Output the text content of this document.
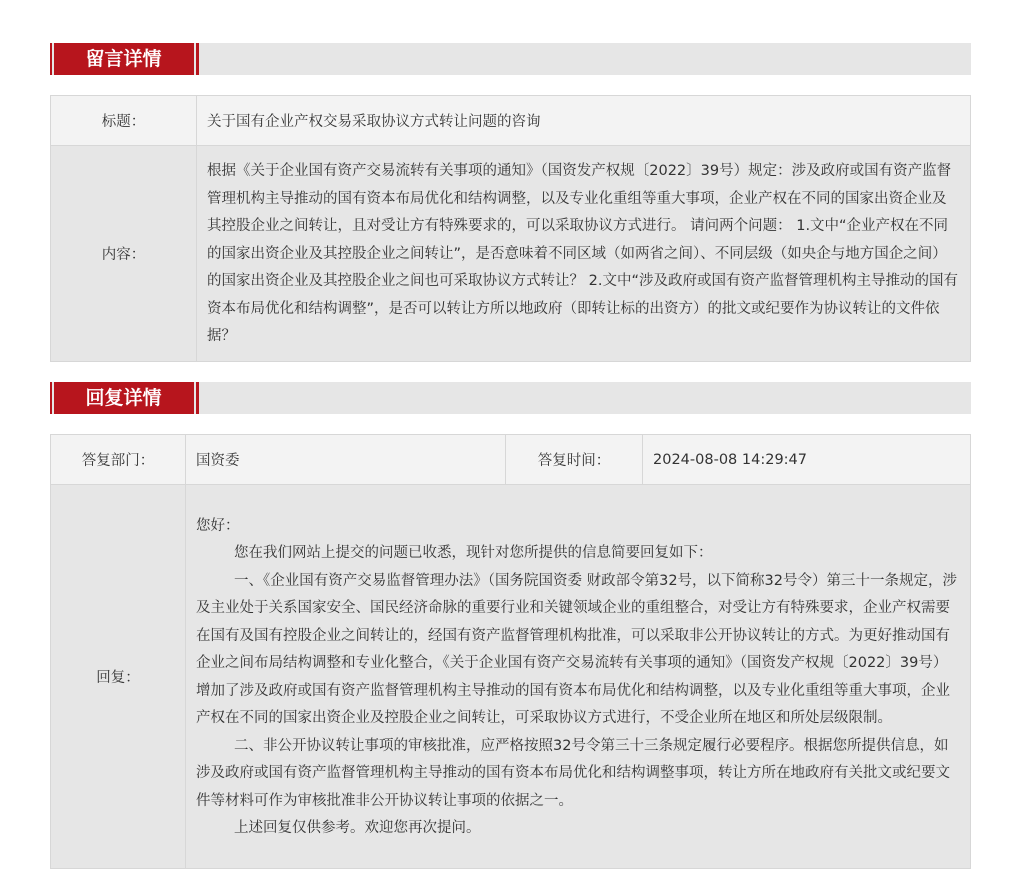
留言详情
标题：	关于国有企业产权交易采取协议方式转让问题的咨询
内容：	根据《关于企业国有资产交易流转有关事项的通知》（国资发产权规〔2022〕39号）规定：涉及政府或国有资产监督管理机构主导推动的国有资本布局优化和结构调整，以及专业化重组等重大事项，企业产权在不同的国家出资企业及其控股企业之间转让，且对受让方有特殊要求的，可以采取协议方式进行。 请问两个问题： 1.文中“企业产权在不同的国家出资企业及其控股企业之间转让”，是否意味着不同区域（如两省之间）、不同层级（如央企与地方国企之间）的国家出资企业及其控股企业之间也可采取协议方式转让？ 2.文中“涉及政府或国有资产监督管理机构主导推动的国有资本布局优化和结构调整”，是否可以转让方所以地政府（即转让标的出资方）的批文或纪要作为协议转让的文件依据？
回复详情
答复部门：	国资委	答复时间：	2024-08-08 14:29:47
回复：	您好：

您在我们网站上提交的问题已收悉，现针对您所提供的信息简要回复如下：

一、《企业国有资产交易监督管理办法》（国务院国资委 财政部令第32号，以下简称32号令）第三十一条规定，涉及主业处于关系国家安全、国民经济命脉的重要行业和关键领域企业的重组整合，对受让方有特殊要求，企业产权需要在国有及国有控股企业之间转让的，经国有资产监督管理机构批准，可以采取非公开协议转让的方式。为更好推动国有企业之间布局结构调整和专业化整合，《关于企业国有资产交易流转有关事项的通知》（国资发产权规〔2022〕39号）增加了涉及政府或国有资产监督管理机构主导推动的国有资本布局优化和结构调整，以及专业化重组等重大事项，企业产权在不同的国家出资企业及控股企业之间转让，可采取协议方式进行，不受企业所在地区和所处层级限制。

二、非公开协议转让事项的审核批准，应严格按照32号令第三十三条规定履行必要程序。根据您所提供信息，如涉及政府或国有资产监督管理机构主导推动的国有资本布局优化和结构调整事项，转让方所在地政府有关批文或纪要文件等材料可作为审核批准非公开协议转让事项的依据之一。

上述回复仅供参考。欢迎您再次提问。		
